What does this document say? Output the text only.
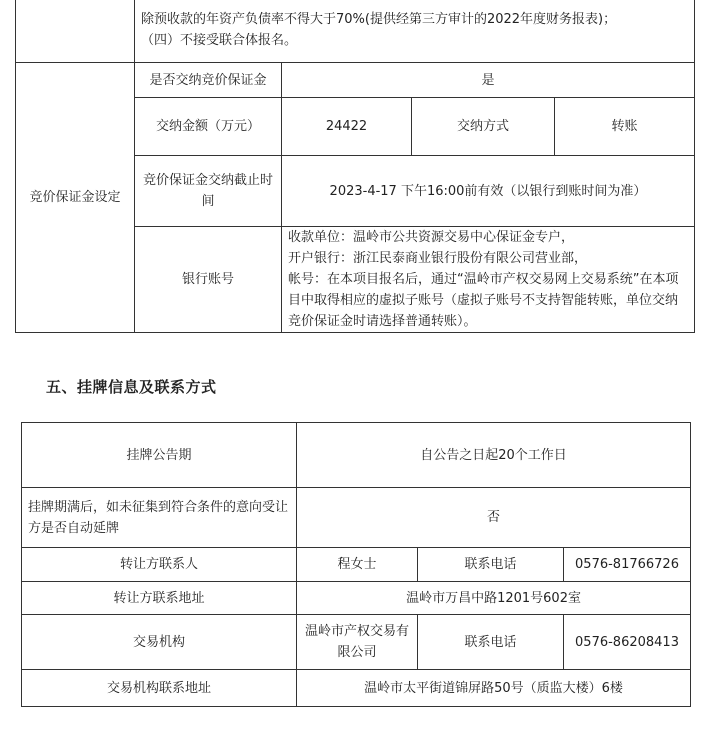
	除预收款的年资产负债率不得大于70%(提供经第三方审计的2022年度财务报表)；
（四）不接受联合体报名。			

竞价保证金设定	是否交纳竞价保证金	是		
	交纳金额（万元）	24422	交纳方式	转账
	竞价保证金交纳截止时间	2023-4-17 下午16:00前有效（以银行到账时间为准）		
	银行账号	收款单位：温岭市公共资源交易中心保证金专户，
开户银行：浙江民泰商业银行股份有限公司营业部，
帐号：在本项目报名后，通过“温岭市产权交易网上交易系统”在本项目中取得相应的虚拟子账号（虚拟子账号不支持智能转账，单位交纳竞价保证金时请选择普通转账）。		
五、挂牌信息及联系方式
挂牌公告期	自公告之日起20个工作日		
挂牌期满后，如未征集到符合条件的意向受让方是否自动延牌	否		
转让方联系人	程女士	联系电话	0576-81766726
转让方联系地址	温岭市万昌中路1201号602室		
交易机构	温岭市产权交易有限公司	联系电话	0576-86208413
交易机构联系地址	温岭市太平街道锦屏路50号（质监大楼）6楼		
